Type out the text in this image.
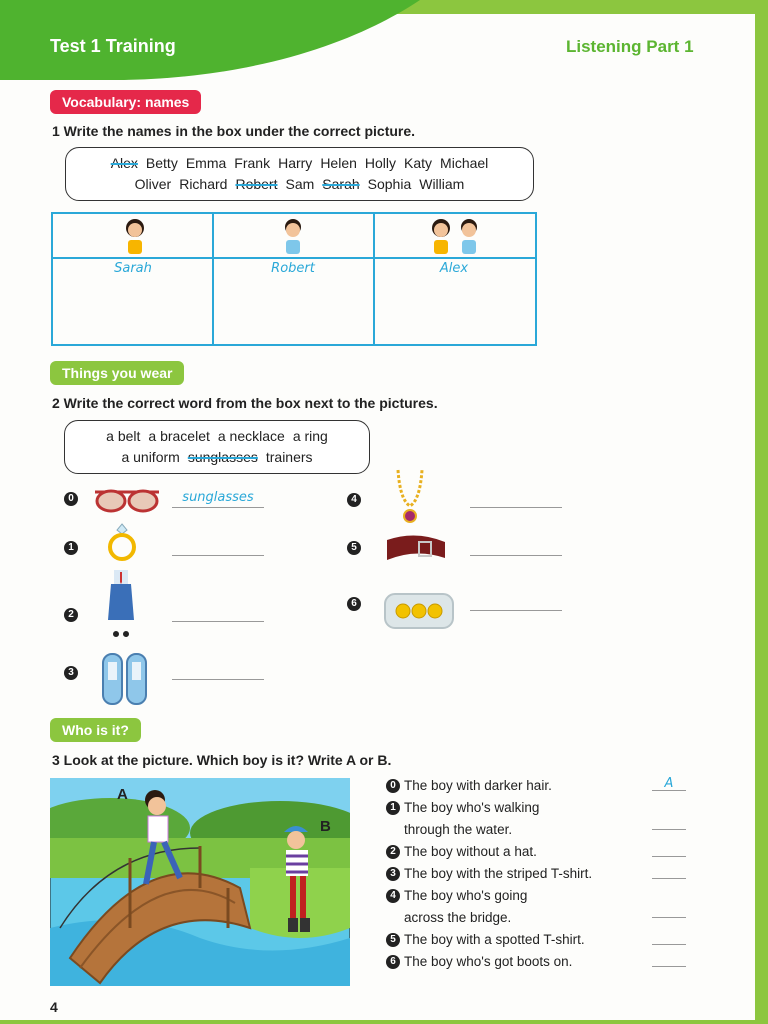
Test 1 Training	Listening Part 1
Vocabulary: names
1 Write the names in the box under the correct picture.
Alex Betty Emma Frank Harry Helen Holly Katy Michael
Oliver Richard Robert Sam Sarah Sophia William
Sarah	Robert	Alex
Things you wear
2 Write the correct word from the box next to the pictures.
a belt a bracelet a necklace a ring
a uniform sunglasses trainers
0	sunglasses
1
2
3
4
5
6
Who is it?
3 Look at the picture. Which boy is it? Write A or B.
A
B
0 The boy with darker hair.	A
1 The boy who's walking
through the water.
2 The boy without a hat.
3 The boy with the striped T-shirt.
4 The boy who's going
across the bridge.
5 The boy with a spotted T-shirt.
6 The boy who's got boots on.
4
